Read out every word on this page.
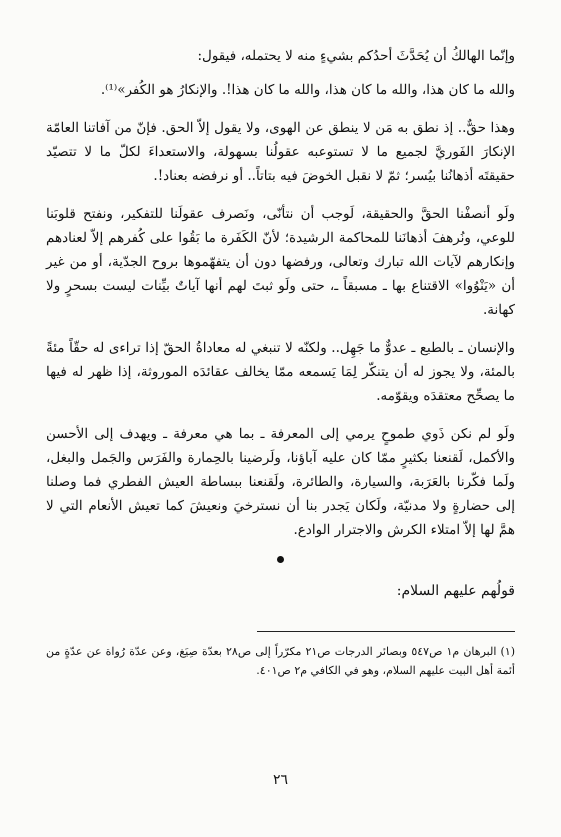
وإنّما الهالكُ أن يُحَدَّثَ أحدُكم بشيءٍ منه لا يحتمله، فيقول:

والله ما كان هذا، والله ما كان هذا، والله ما كان هذا!. والإنكارُ هو الكُفر»⁽¹⁾.

وهذا حقٌّ.. إذ نطق به مَن لا ينطق عن الهوى، ولا يقول إلاّ الحق. فإنّ من آفاتنا العامّة الإنكارَ الفَوريَّ لجميع ما لا تستوعبه عقولُنا بسهولة، والاستعداءَ لكلّ ما لا تتصيّد حقيقتَه أذهانُنا بيُسر؛ ثمّ لا نقبل الخوضَ فيه بتاتاً.. أو نرفضه بعناد!.

ولَو أنصفْنا الحقَّ والحقيقة، لَوجب أن نتأنّى، ونَصرف عقولَنا للتفكير، ونفتح قلوبَنا للوعي، ونُرهفَ أذهانَنا للمحاكمة الرشيدة؛ لأنّ الكَفَرة ما بَقُوا على كُفرهم إلاّ لعنادهم وإنكارهم لآيات الله تبارك وتعالى، ورفضها دون أن يتفهّموها بروح الجدّية، أو من غير أن «يَنْوُوا» الاقتناع بها ـ مسبقاً ـ، حتى ولَو ثبتَ لهم أنها آياتٌ بيِّنات ليست بسحرٍ ولا كهانة.

والإنسان ـ بالطبع ـ عدوٌّ ما جَهِل.. ولكنّه لا تنبغي له معاداةُ الحقّ إذا تراءى له حقّاً مئةً بالمئة، ولا يجوز له أن يتنكّر لِمَا يَسمعه ممّا يخالف عقائدَه الموروثة، إذا ظهر له فيها ما يصحِّح معتقدَه ويقوّمه.

ولَو لم نكن ذَوي طموحٍ يرمي إلى المعرفة ـ بما هي معرفة ـ ويهدف إلى الأحسن والأكمل، لَقنعنا بكثيرٍ ممّا كان عليه آباؤنا، ولَرضينا بالحِمارة والفَرَس والجَمل والبغل، ولَما فكّرنا بالعَرَبة، والسيارة، والطائرة، ولَقنعنا ببساطة العيش الفطري فما وصلنا إلى حضارةٍ ولا مدنيّة، ولَكان يَجدر بنا أن نسترخيَ ونعيشَ كما تعيش الأنعام التي لا همَّ لها إلاّ امتلاء الكرش والاجترار الوادع.

قولُهم عليهم السلام:

(١) البرهان م١ ص٥٤٧ وبصائر الدرجات ص٢١ مكرّراً إلى ص٢٨ بعدّة صِيَغ، وعن عدّة رُواة عن عدّةٍ من أئمة أهل البيت عليهم السلام، وهو في الكافي م٢ ص٤٠١.

٢٦
